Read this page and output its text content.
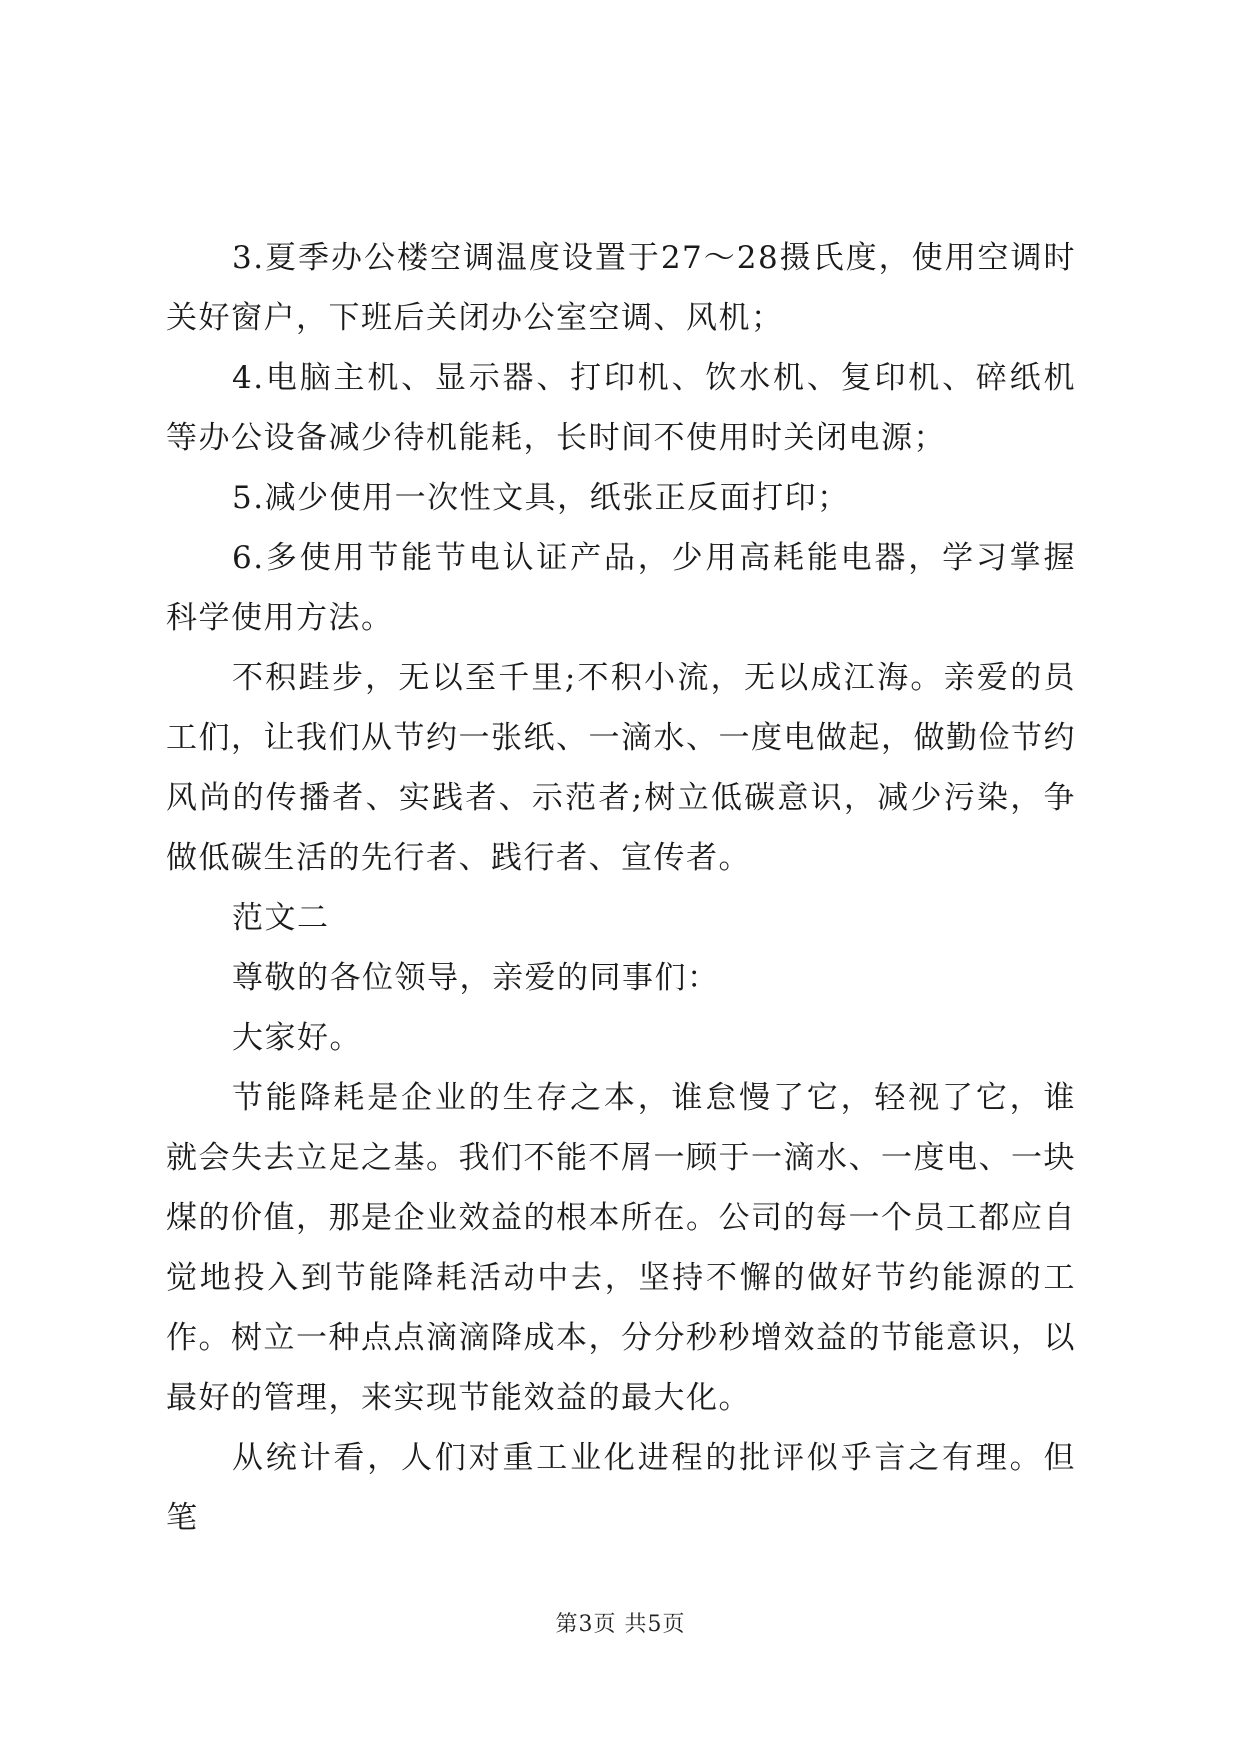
3.夏季办公楼空调温度设置于27～28摄氏度，使用空调时关好窗户，下班后关闭办公室空调、风机；

4.电脑主机、显示器、打印机、饮水机、复印机、碎纸机等办公设备减少待机能耗，长时间不使用时关闭电源；

5.减少使用一次性文具，纸张正反面打印；

6.多使用节能节电认证产品，少用高耗能电器，学习掌握科学使用方法。

不积跬步，无以至千里;不积小流，无以成江海。亲爱的员工们，让我们从节约一张纸、一滴水、一度电做起，做勤俭节约风尚的传播者、实践者、示范者;树立低碳意识，减少污染，争做低碳生活的先行者、践行者、宣传者。

范文二

尊敬的各位领导，亲爱的同事们：

大家好。

节能降耗是企业的生存之本，谁怠慢了它，轻视了它，谁就会失去立足之基。我们不能不屑一顾于一滴水、一度电、一块煤的价值，那是企业效益的根本所在。公司的每一个员工都应自觉地投入到节能降耗活动中去，坚持不懈的做好节约能源的工作。树立一种点点滴滴降成本，分分秒秒增效益的节能意识，以最好的管理，来实现节能效益的最大化。

从统计看，人们对重工业化进程的批评似乎言之有理。但笔

第3页 共5页
